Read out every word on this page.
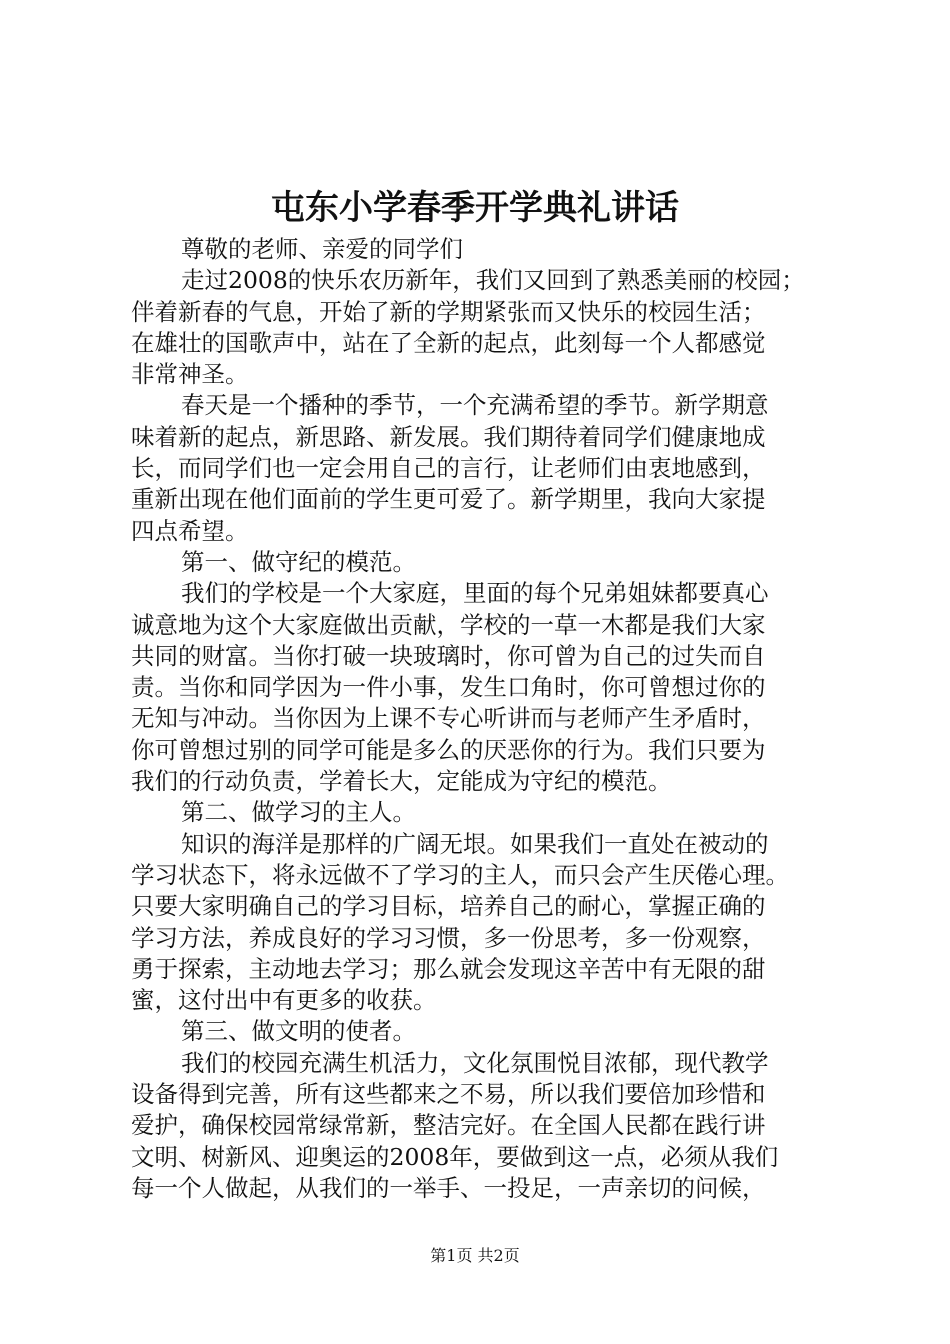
屯东小学春季开学典礼讲话
尊敬的老师、亲爱的同学们
走过2008的快乐农历新年，我们又回到了熟悉美丽的校园；
伴着新春的气息，开始了新的学期紧张而又快乐的校园生活；
在雄壮的国歌声中，站在了全新的起点，此刻每一个人都感觉
非常神圣。
春天是一个播种的季节，一个充满希望的季节。新学期意
味着新的起点，新思路、新发展。我们期待着同学们健康地成
长，而同学们也一定会用自己的言行，让老师们由衷地感到，
重新出现在他们面前的学生更可爱了。新学期里，我向大家提
四点希望。
第一、做守纪的模范。
我们的学校是一个大家庭，里面的每个兄弟姐妹都要真心
诚意地为这个大家庭做出贡献，学校的一草一木都是我们大家
共同的财富。当你打破一块玻璃时，你可曾为自己的过失而自
责。当你和同学因为一件小事，发生口角时，你可曾想过你的
无知与冲动。当你因为上课不专心听讲而与老师产生矛盾时，
你可曾想过别的同学可能是多么的厌恶你的行为。我们只要为
我们的行动负责，学着长大，定能成为守纪的模范。
第二、做学习的主人。
知识的海洋是那样的广阔无垠。如果我们一直处在被动的
学习状态下，将永远做不了学习的主人，而只会产生厌倦心理。
只要大家明确自己的学习目标，培养自己的耐心，掌握正确的
学习方法，养成良好的学习习惯，多一份思考，多一份观察，
勇于探索，主动地去学习；那么就会发现这辛苦中有无限的甜
蜜，这付出中有更多的收获。
第三、做文明的使者。
我们的校园充满生机活力，文化氛围悦目浓郁，现代教学
设备得到完善，所有这些都来之不易，所以我们要倍加珍惜和
爱护，确保校园常绿常新，整洁完好。在全国人民都在践行讲
文明、树新风、迎奥运的2008年，要做到这一点，必须从我们
每一个人做起，从我们的一举手、一投足，一声亲切的问候，
第1页 共2页
